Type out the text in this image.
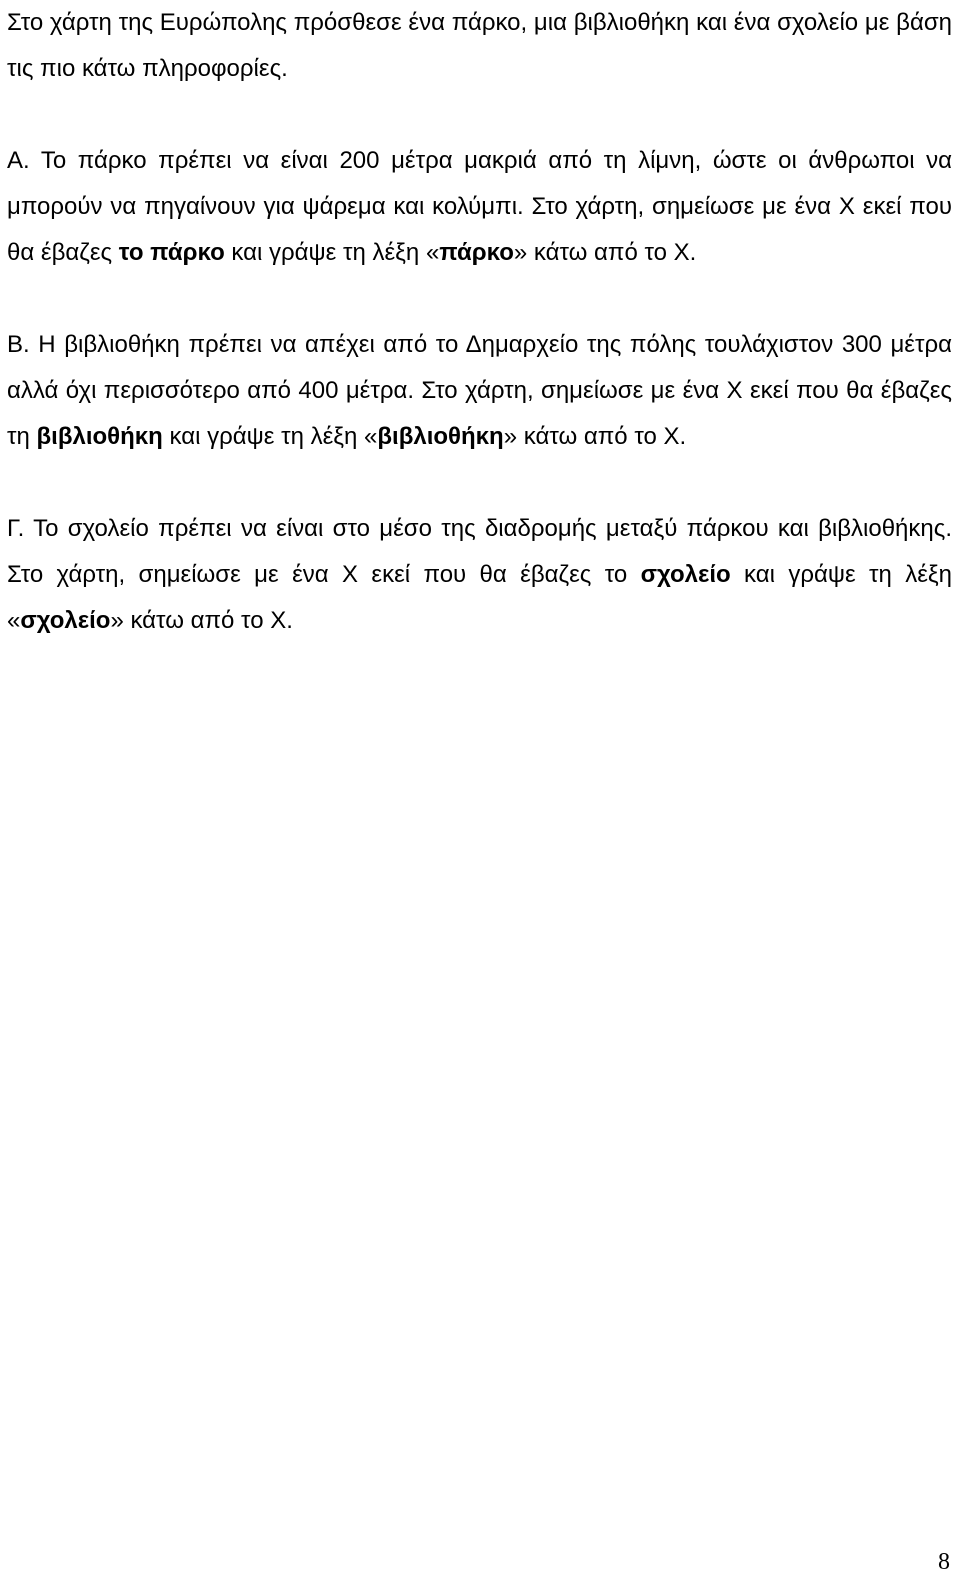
Στο χάρτη της Ευρώπολης πρόσθεσε ένα πάρκο, μια βιβλιοθήκη και ένα σχολείο με βάση τις πιο κάτω πληροφορίες.

Α. Το πάρκο πρέπει να είναι 200 μέτρα μακριά από τη λίμνη, ώστε οι άνθρωποι να μπορούν να πηγαίνουν για ψάρεμα και κολύμπι. Στο χάρτη, σημείωσε με ένα Χ εκεί που θα έβαζες το πάρκο και γράψε τη λέξη «πάρκο» κάτω από το Χ.

Β. Η βιβλιοθήκη πρέπει να απέχει από το Δημαρχείο της πόλης τουλάχιστον 300 μέτρα αλλά όχι περισσότερο από 400 μέτρα. Στο χάρτη, σημείωσε με ένα Χ εκεί που θα έβαζες τη βιβλιοθήκη και γράψε τη λέξη «βιβλιοθήκη» κάτω από το Χ.

Γ. Το σχολείο πρέπει να είναι στο μέσο της διαδρομής μεταξύ πάρκου και βιβλιοθήκης. Στο χάρτη, σημείωσε με ένα Χ εκεί που θα έβαζες το σχολείο και γράψε τη λέξη «σχολείο» κάτω από το Χ.

8
